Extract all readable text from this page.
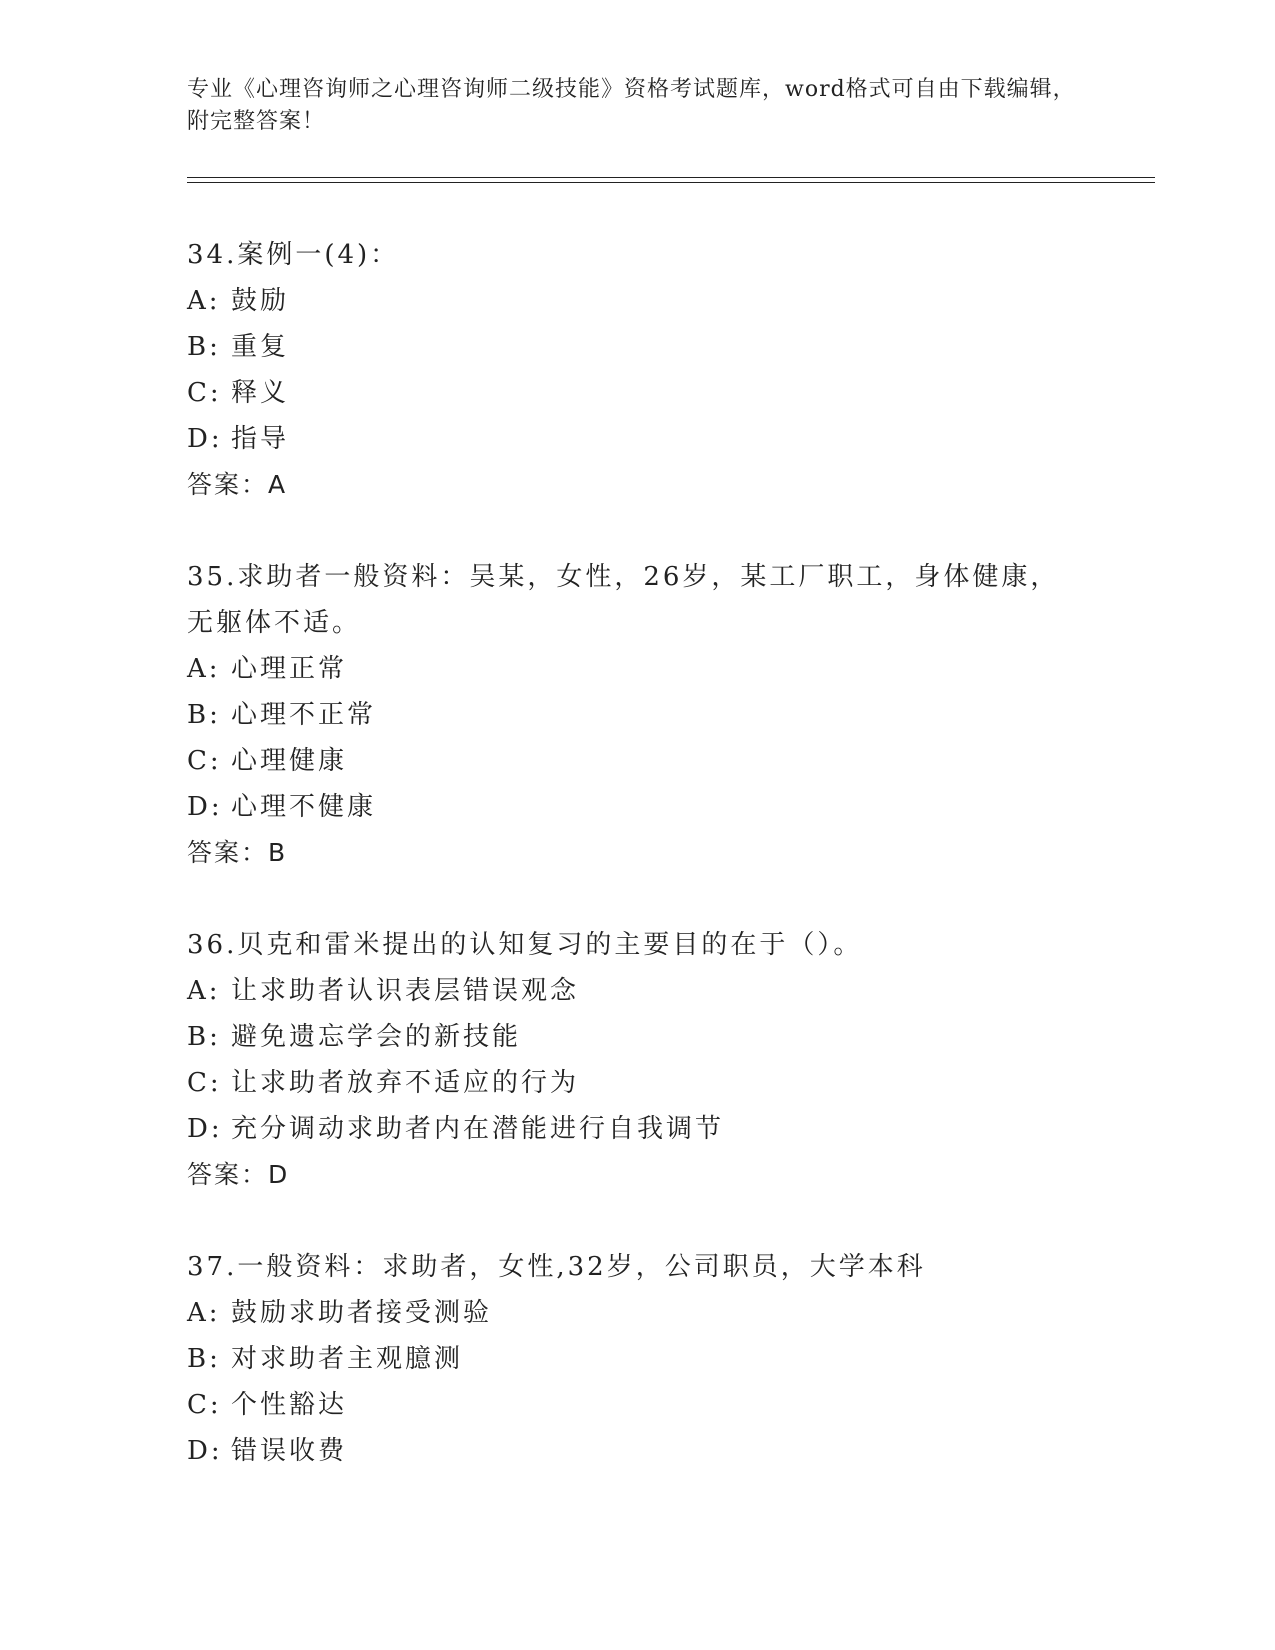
专业《心理咨询师之心理咨询师二级技能》资格考试题库，word格式可自由下载编辑，附完整答案！
34.案例一(4)：
A: 鼓励
B: 重复
C: 释义
D: 指导
答案：A
35.求助者一般资料：吴某，女性，26岁，某工厂职工，身体健康，无躯体不适。
A: 心理正常
B: 心理不正常
C: 心理健康
D: 心理不健康
答案：B
36.贝克和雷米提出的认知复习的主要目的在于（）。
A: 让求助者认识表层错误观念
B: 避免遗忘学会的新技能
C: 让求助者放弃不适应的行为
D: 充分调动求助者内在潜能进行自我调节
答案：D
37.一般资料：求助者，女性,32岁，公司职员，大学本科
A: 鼓励求助者接受测验
B: 对求助者主观臆测
C: 个性豁达
D: 错误收费
